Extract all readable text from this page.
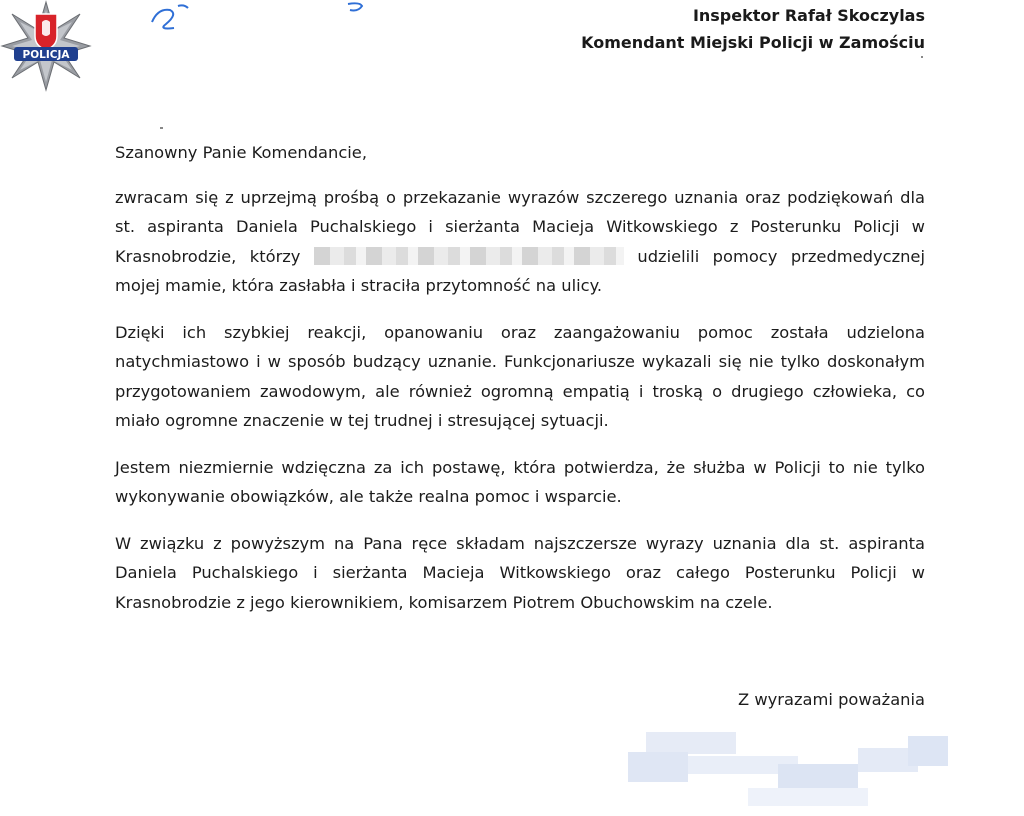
POLICJA
Inspektor Rafał Skoczylas
Komendant Miejski Policji w Zamościu

Szanowny Panie Komendancie,

zwracam się z uprzejmą prośbą o przekazanie wyrazów szczerego uznania oraz podziękowań dla st. aspiranta Daniela Puchalskiego i sierżanta Macieja Witkowskiego z Posterunku Policji w Krasnobrodzie, którzy	udzielili pomocy przedmedycznej mojej mamie, która zasłabła i straciła przytomność na ulicy.

Dzięki ich szybkiej reakcji, opanowaniu oraz zaangażowaniu pomoc została udzielona natychmiastowo i w sposób budzący uznanie. Funkcjonariusze wykazali się nie tylko doskonałym przygotowaniem zawodowym, ale również ogromną empatią i troską o drugiego człowieka, co miało ogromne znaczenie w tej trudnej i stresującej sytuacji.

Jestem niezmiernie wdzięczna za ich postawę, która potwierdza, że służba w Policji to nie tylko wykonywanie obowiązków, ale także realna pomoc i wsparcie.

W związku z powyższym na Pana ręce składam najszczersze wyrazy uznania dla st. aspiranta Daniela Puchalskiego i sierżanta Macieja Witkowskiego oraz całego Posterunku Policji w Krasnobrodzie z jego kierownikiem, komisarzem Piotrem Obuchowskim na czele.

Z wyrazami poważania
